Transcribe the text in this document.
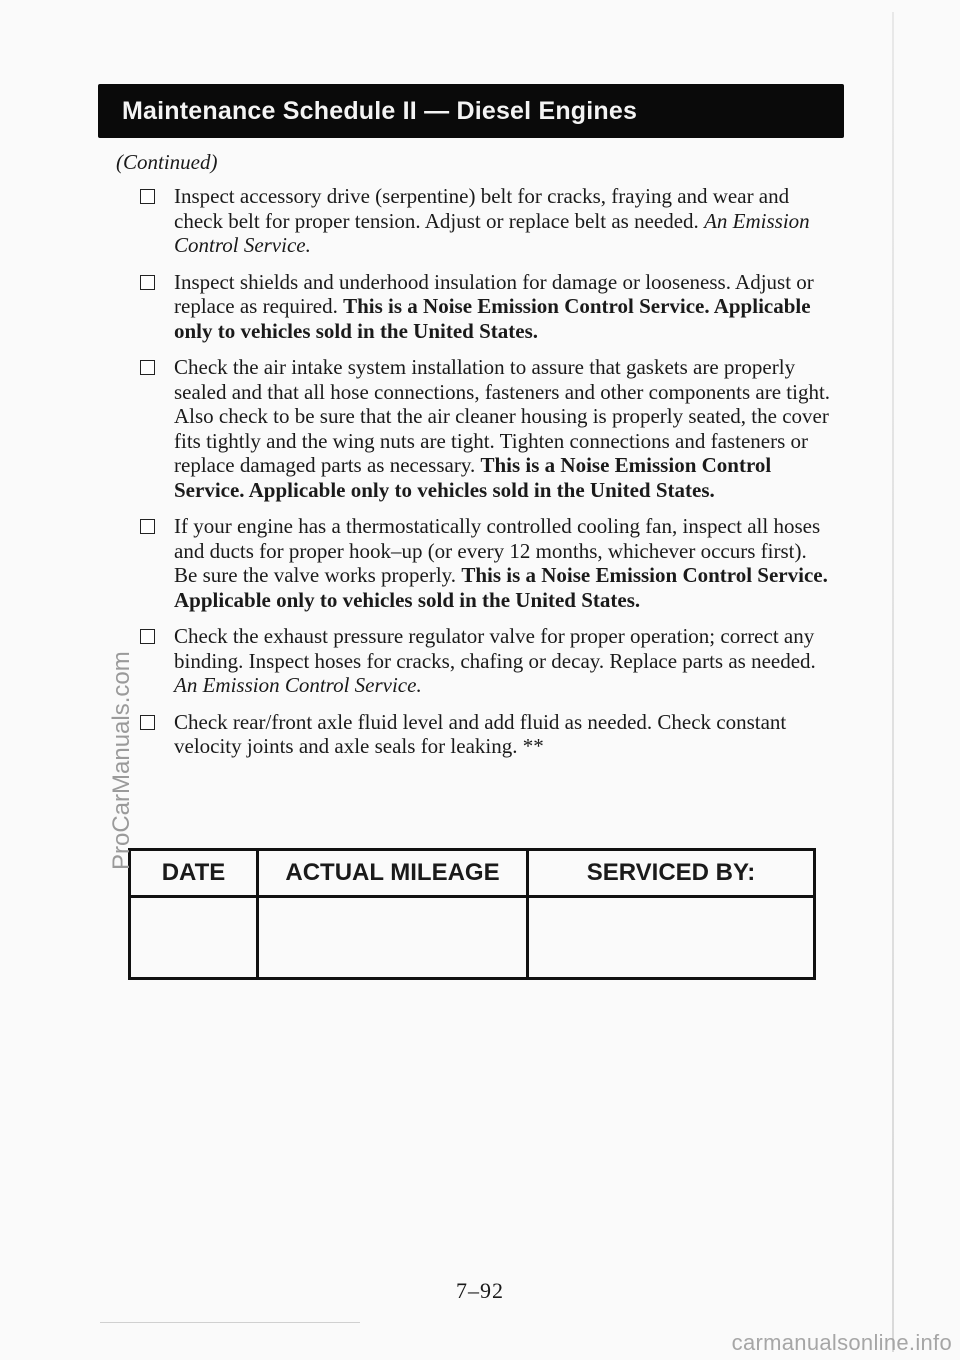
Maintenance Schedule II — Diesel Engines
(Continued)
Inspect accessory drive (serpentine) belt for cracks, fraying and wear and check belt for proper tension. Adjust or replace belt as needed. An Emission Control Service.
Inspect shields and underhood insulation for damage or looseness. Adjust or replace as required. This is a Noise Emission Control Service. Applicable only to vehicles sold in the United States.
Check the air intake system installation to assure that gaskets are properly sealed and that all hose connections, fasteners and other components are tight. Also check to be sure that the air cleaner housing is properly seated, the cover fits tightly and the wing nuts are tight. Tighten connections and fasteners or replace damaged parts as necessary. This is a Noise Emission Control Service. Applicable only to vehicles sold in the United States.
If your engine has a thermostatically controlled cooling fan, inspect all hoses and ducts for proper hook–up (or every 12 months, whichever occurs first). Be sure the valve works properly. This is a Noise Emission Control Service. Applicable only to vehicles sold in the United States.
Check the exhaust pressure regulator valve for proper operation; correct any binding. Inspect hoses for cracks, chafing or decay. Replace parts as needed. An Emission Control Service.
Check rear/front axle fluid level and add fluid as needed. Check constant velocity joints and axle seals for leaking. **
DATE	ACTUAL MILEAGE	SERVICED BY:
7–92
ProCarManuals.com
carmanualsonline.info
